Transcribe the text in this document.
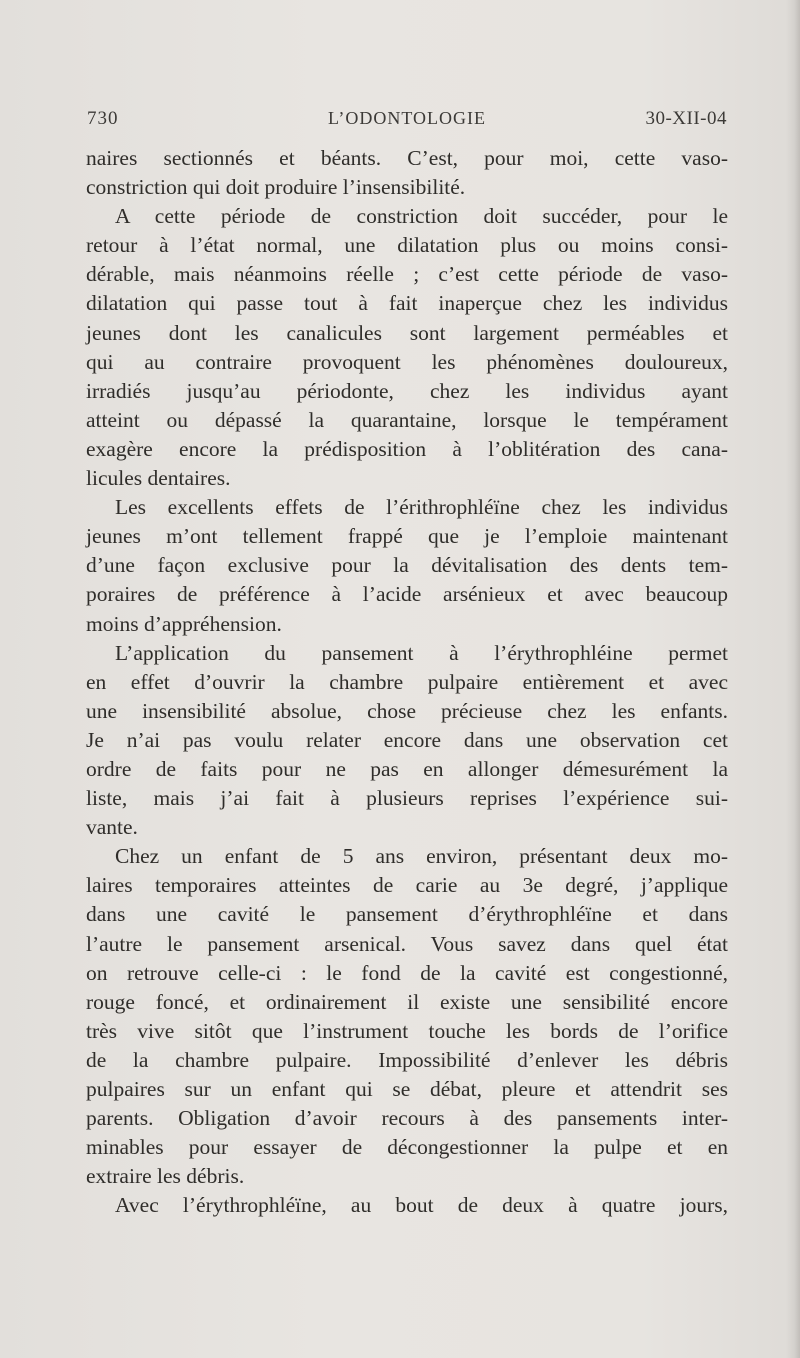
730	L’ODONTOLOGIE	30-XII-04
naires sectionnés et béants. C’est, pour moi, cette vaso-
constriction qui doit produire l’insensibilité.
A cette période de constriction doit succéder, pour le
retour à l’état normal, une dilatation plus ou moins consi-
dérable, mais néanmoins réelle ; c’est cette période de vaso-
dilatation qui passe tout à fait inaperçue chez les individus
jeunes dont les canalicules sont largement perméables et
qui au contraire provoquent les phénomènes douloureux,
irradiés jusqu’au périodonte, chez les individus ayant
atteint ou dépassé la quarantaine, lorsque le tempérament
exagère encore la prédisposition à l’oblitération des cana-
licules dentaires.
Les excellents effets de l’érithrophléïne chez les individus
jeunes m’ont tellement frappé que je l’emploie maintenant
d’une façon exclusive pour la dévitalisation des dents tem-
poraires de préférence à l’acide arsénieux et avec beaucoup
moins d’appréhension.
L’application du pansement à l’érythrophléine permet
en effet d’ouvrir la chambre pulpaire entièrement et avec
une insensibilité absolue, chose précieuse chez les enfants.
Je n’ai pas voulu relater encore dans une observation cet
ordre de faits pour ne pas en allonger démesurément la
liste, mais j’ai fait à plusieurs reprises l’expérience sui-
vante.
Chez un enfant de 5 ans environ, présentant deux mo-
laires temporaires atteintes de carie au 3e degré, j’applique
dans une cavité le pansement d’érythrophléïne et dans
l’autre le pansement arsenical. Vous savez dans quel état
on retrouve celle-ci : le fond de la cavité est congestionné,
rouge foncé, et ordinairement il existe une sensibilité encore
très vive sitôt que l’instrument touche les bords de l’orifice
de la chambre pulpaire. Impossibilité d’enlever les débris
pulpaires sur un enfant qui se débat, pleure et attendrit ses
parents. Obligation d’avoir recours à des pansements inter-
minables pour essayer de décongestionner la pulpe et en
extraire les débris.
Avec l’érythrophléïne, au bout de deux à quatre jours,
